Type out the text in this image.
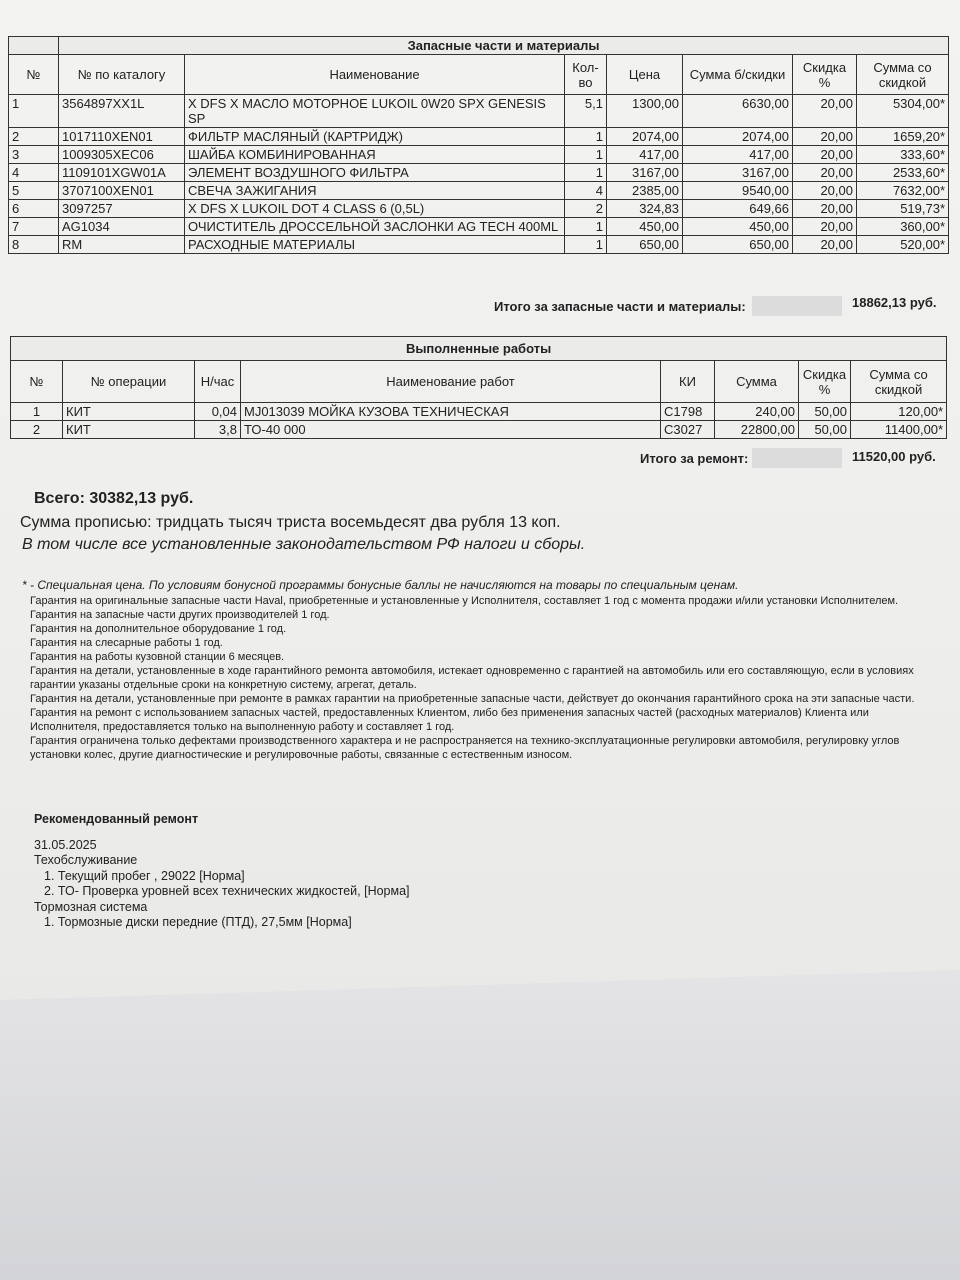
	Запасные части и материалы						
№	№ по каталогу	Наименование	Кол-во	Цена	Сумма б/скидки	Скидка %	Сумма со скидкой
1	3564897XX1L	X DFS X МАСЛО МОТОРНОЕ LUKOIL 0W20 SPX GENESIS SP	5,1	1300,00	6630,00	20,00	5304,00*
2	1017110XEN01	ФИЛЬТР МАСЛЯНЫЙ (КАРТРИДЖ)	1	2074,00	2074,00	20,00	1659,20*
3	1009305XEC06	ШАЙБА КОМБИНИРОВАННАЯ	1	417,00	417,00	20,00	333,60*
4	1109101XGW01A	ЭЛЕМЕНТ ВОЗДУШНОГО ФИЛЬТРА	1	3167,00	3167,00	20,00	2533,60*
5	3707100XEN01	СВЕЧА ЗАЖИГАНИЯ	4	2385,00	9540,00	20,00	7632,00*
6	3097257	X DFS X LUKOIL DOT 4 CLASS 6 (0,5L)	2	324,83	649,66	20,00	519,73*
7	AG1034	ОЧИСТИТЕЛЬ ДРОССЕЛЬНОЙ ЗАСЛОНКИ AG TECH 400ML	1	450,00	450,00	20,00	360,00*
8	RM	РАСХОДНЫЕ МАТЕРИАЛЫ	1	650,00	650,00	20,00	520,00*
Итого за запасные части и материалы:	18862,13 руб.
Выполненные работы							
№	№ операции	Н/час	Наименование работ	КИ	Сумма	Скидка %	Сумма со скидкой
1	КИТ	0,04	MJ013039 МОЙКА КУЗОВА ТЕХНИЧЕСКАЯ	C1798	240,00	50,00	120,00*
2	КИТ	3,8	ТО-40 000	C3027	22800,00	50,00	11400,00*
Итого за ремонт:	11520,00 руб.
Всего: 30382,13 руб.
Сумма прописью: тридцать тысяч триста восемьдесят два рубля 13 коп.
В том числе все установленные законодательством РФ налоги и сборы.
* - Специальная цена. По условиям бонусной программы бонусные баллы не начисляются на товары по специальным ценам.
Гарантия на оригинальные запасные части Haval, приобретенные и установленные у Исполнителя, составляет 1 год с момента продажи и/или установки Исполнителем.
Гарантия на запасные части других производителей 1 год.
Гарантия на дополнительное оборудование 1 год.
Гарантия на слесарные работы 1 год.
Гарантия на работы кузовной станции 6 месяцев.
Гарантия на детали, установленные в ходе гарантийного ремонта автомобиля, истекает одновременно с гарантией на автомобиль или его составляющую, если в условиях гарантии указаны отдельные сроки на конкретную систему, агрегат, деталь.
Гарантия на детали, установленные при ремонте в рамках гарантии на приобретенные запасные части, действует до окончания гарантийного срока на эти запасные части.
Гарантия на ремонт с использованием запасных частей, предоставленных Клиентом, либо без применения запасных частей (расходных материалов) Клиента или Исполнителя, предоставляется только на выполненную работу и составляет 1 год.
Гарантия ограничена только дефектами производственного характера и не распространяется на технико-эксплуатационные регулировки автомобиля, регулировку углов установки колес, другие диагностические и регулировочные работы, связанные с естественным износом.
Рекомендованный ремонт
31.05.2025
Техобслуживание
1. Текущий пробег , 29022 [Норма]
2. ТО- Проверка уровней всех технических жидкостей, [Норма]
Тормозная система
1. Тормозные диски передние (ПТД), 27,5мм [Норма]
